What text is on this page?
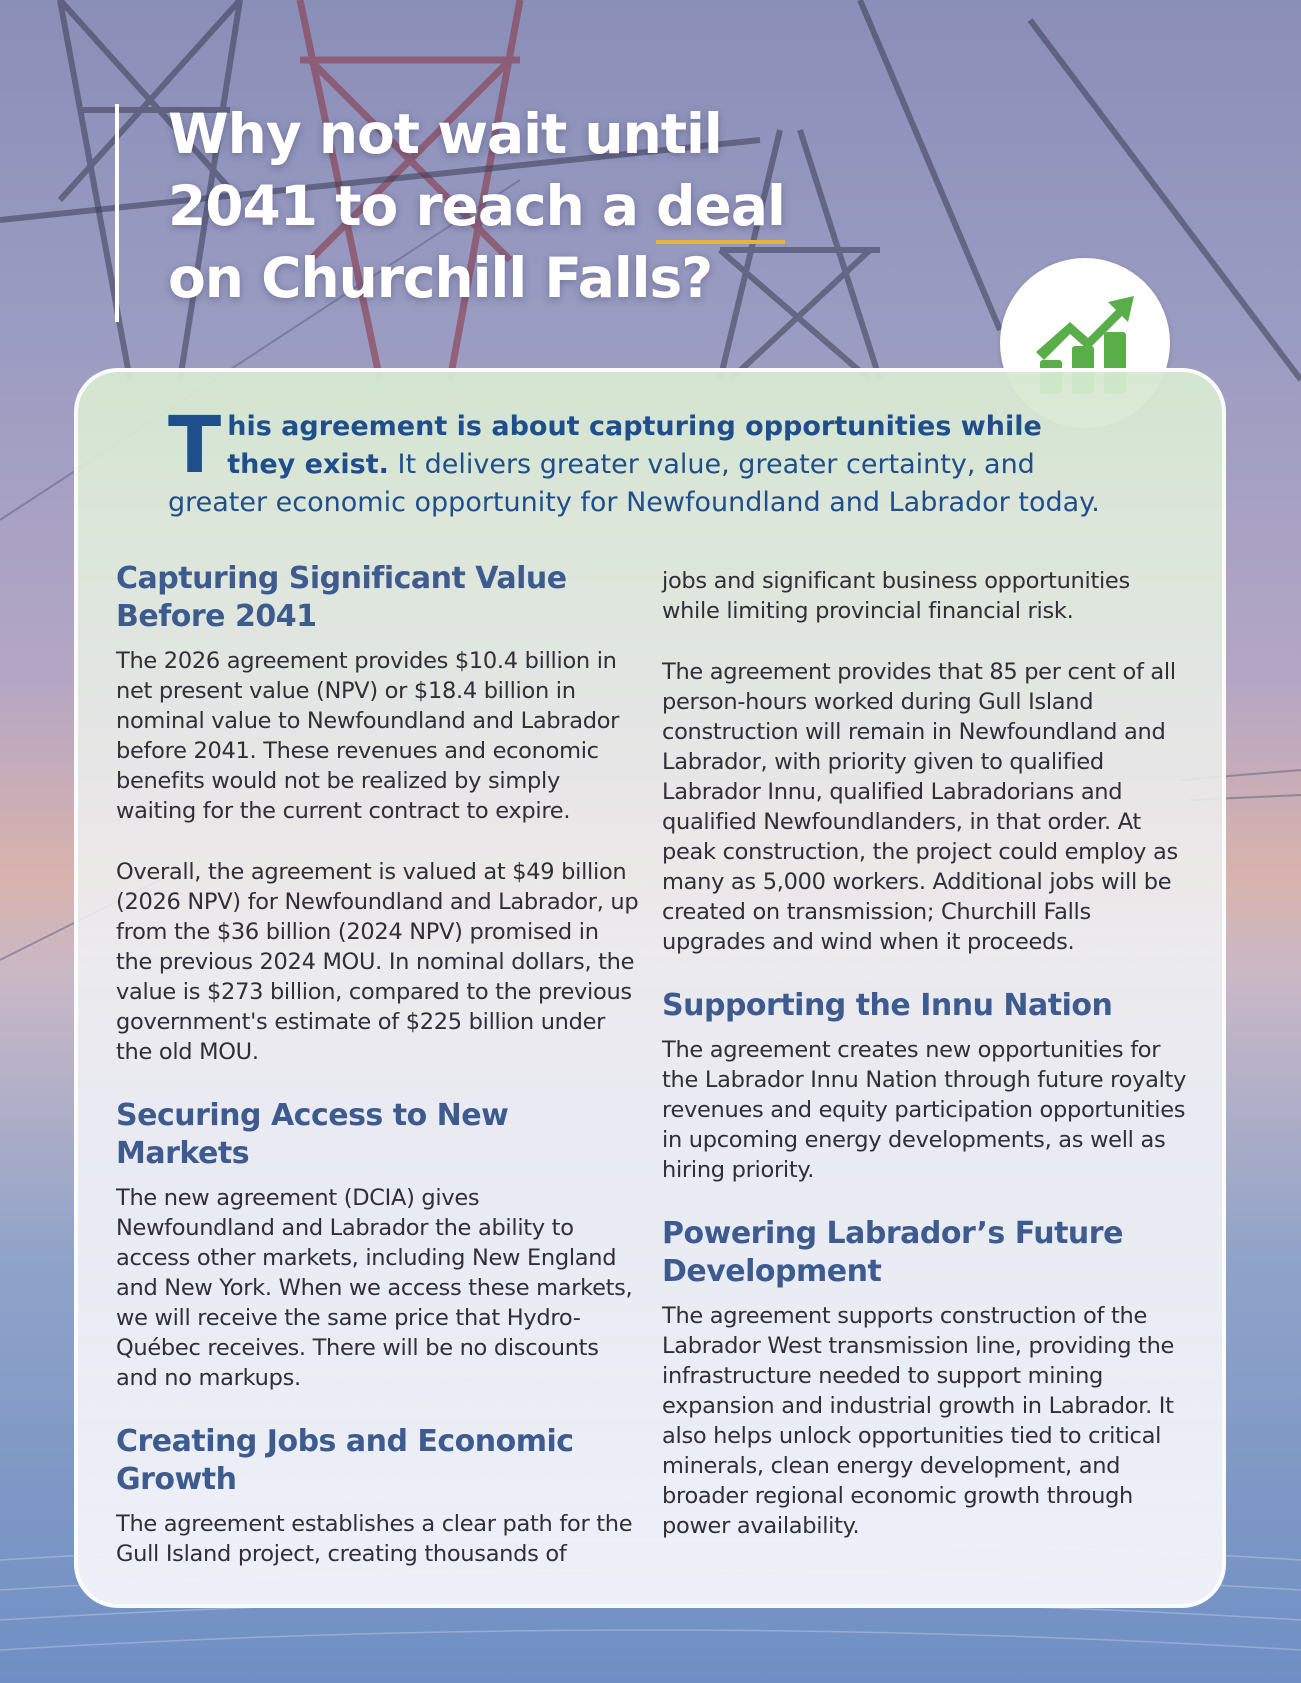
Why not wait until
2041 to reach a deal
on Churchill Falls?
T his agreement is about capturing opportunities while they exist. It delivers greater value, greater certainty, and greater economic opportunity for Newfoundland and Labrador today.
Capturing Significant Value Before 2041

The 2026 agreement provides $10.4 billion in net present value (NPV) or $18.4 billion in nominal value to Newfoundland and Labrador before 2041. These revenues and economic benefits would not be realized by simply waiting for the current contract to expire.

Overall, the agreement is valued at $49 billion (2026 NPV) for Newfoundland and Labrador, up from the $36 billion (2024 NPV) promised in the previous 2024 MOU. In nominal dollars, the value is $273 billion, compared to the previous government's estimate of $225 billion under the old MOU.

Securing Access to New Markets

The new agreement (DCIA) gives Newfoundland and Labrador the ability to access other markets, including New England and New York. When we access these markets, we will receive the same price that Hydro-Québec receives. There will be no discounts and no markups.

Creating Jobs and Economic Growth

The agreement establishes a clear path for the Gull Island project, creating thousands of

jobs and significant business opportunities while limiting provincial financial risk.

The agreement provides that 85 per cent of all person-hours worked during Gull Island construction will remain in Newfoundland and Labrador, with priority given to qualified Labrador Innu, qualified Labradorians and qualified Newfoundlanders, in that order. At peak construction, the project could employ as many as 5,000 workers. Additional jobs will be created on transmission; Churchill Falls upgrades and wind when it proceeds.

Supporting the Innu Nation

The agreement creates new opportunities for the Labrador Innu Nation through future royalty revenues and equity participation opportunities in upcoming energy developments, as well as hiring priority.

Powering Labrador’s Future Development

The agreement supports construction of the Labrador West transmission line, providing the infrastructure needed to support mining expansion and industrial growth in Labrador. It also helps unlock opportunities tied to critical minerals, clean energy development, and broader regional economic growth through power availability.
